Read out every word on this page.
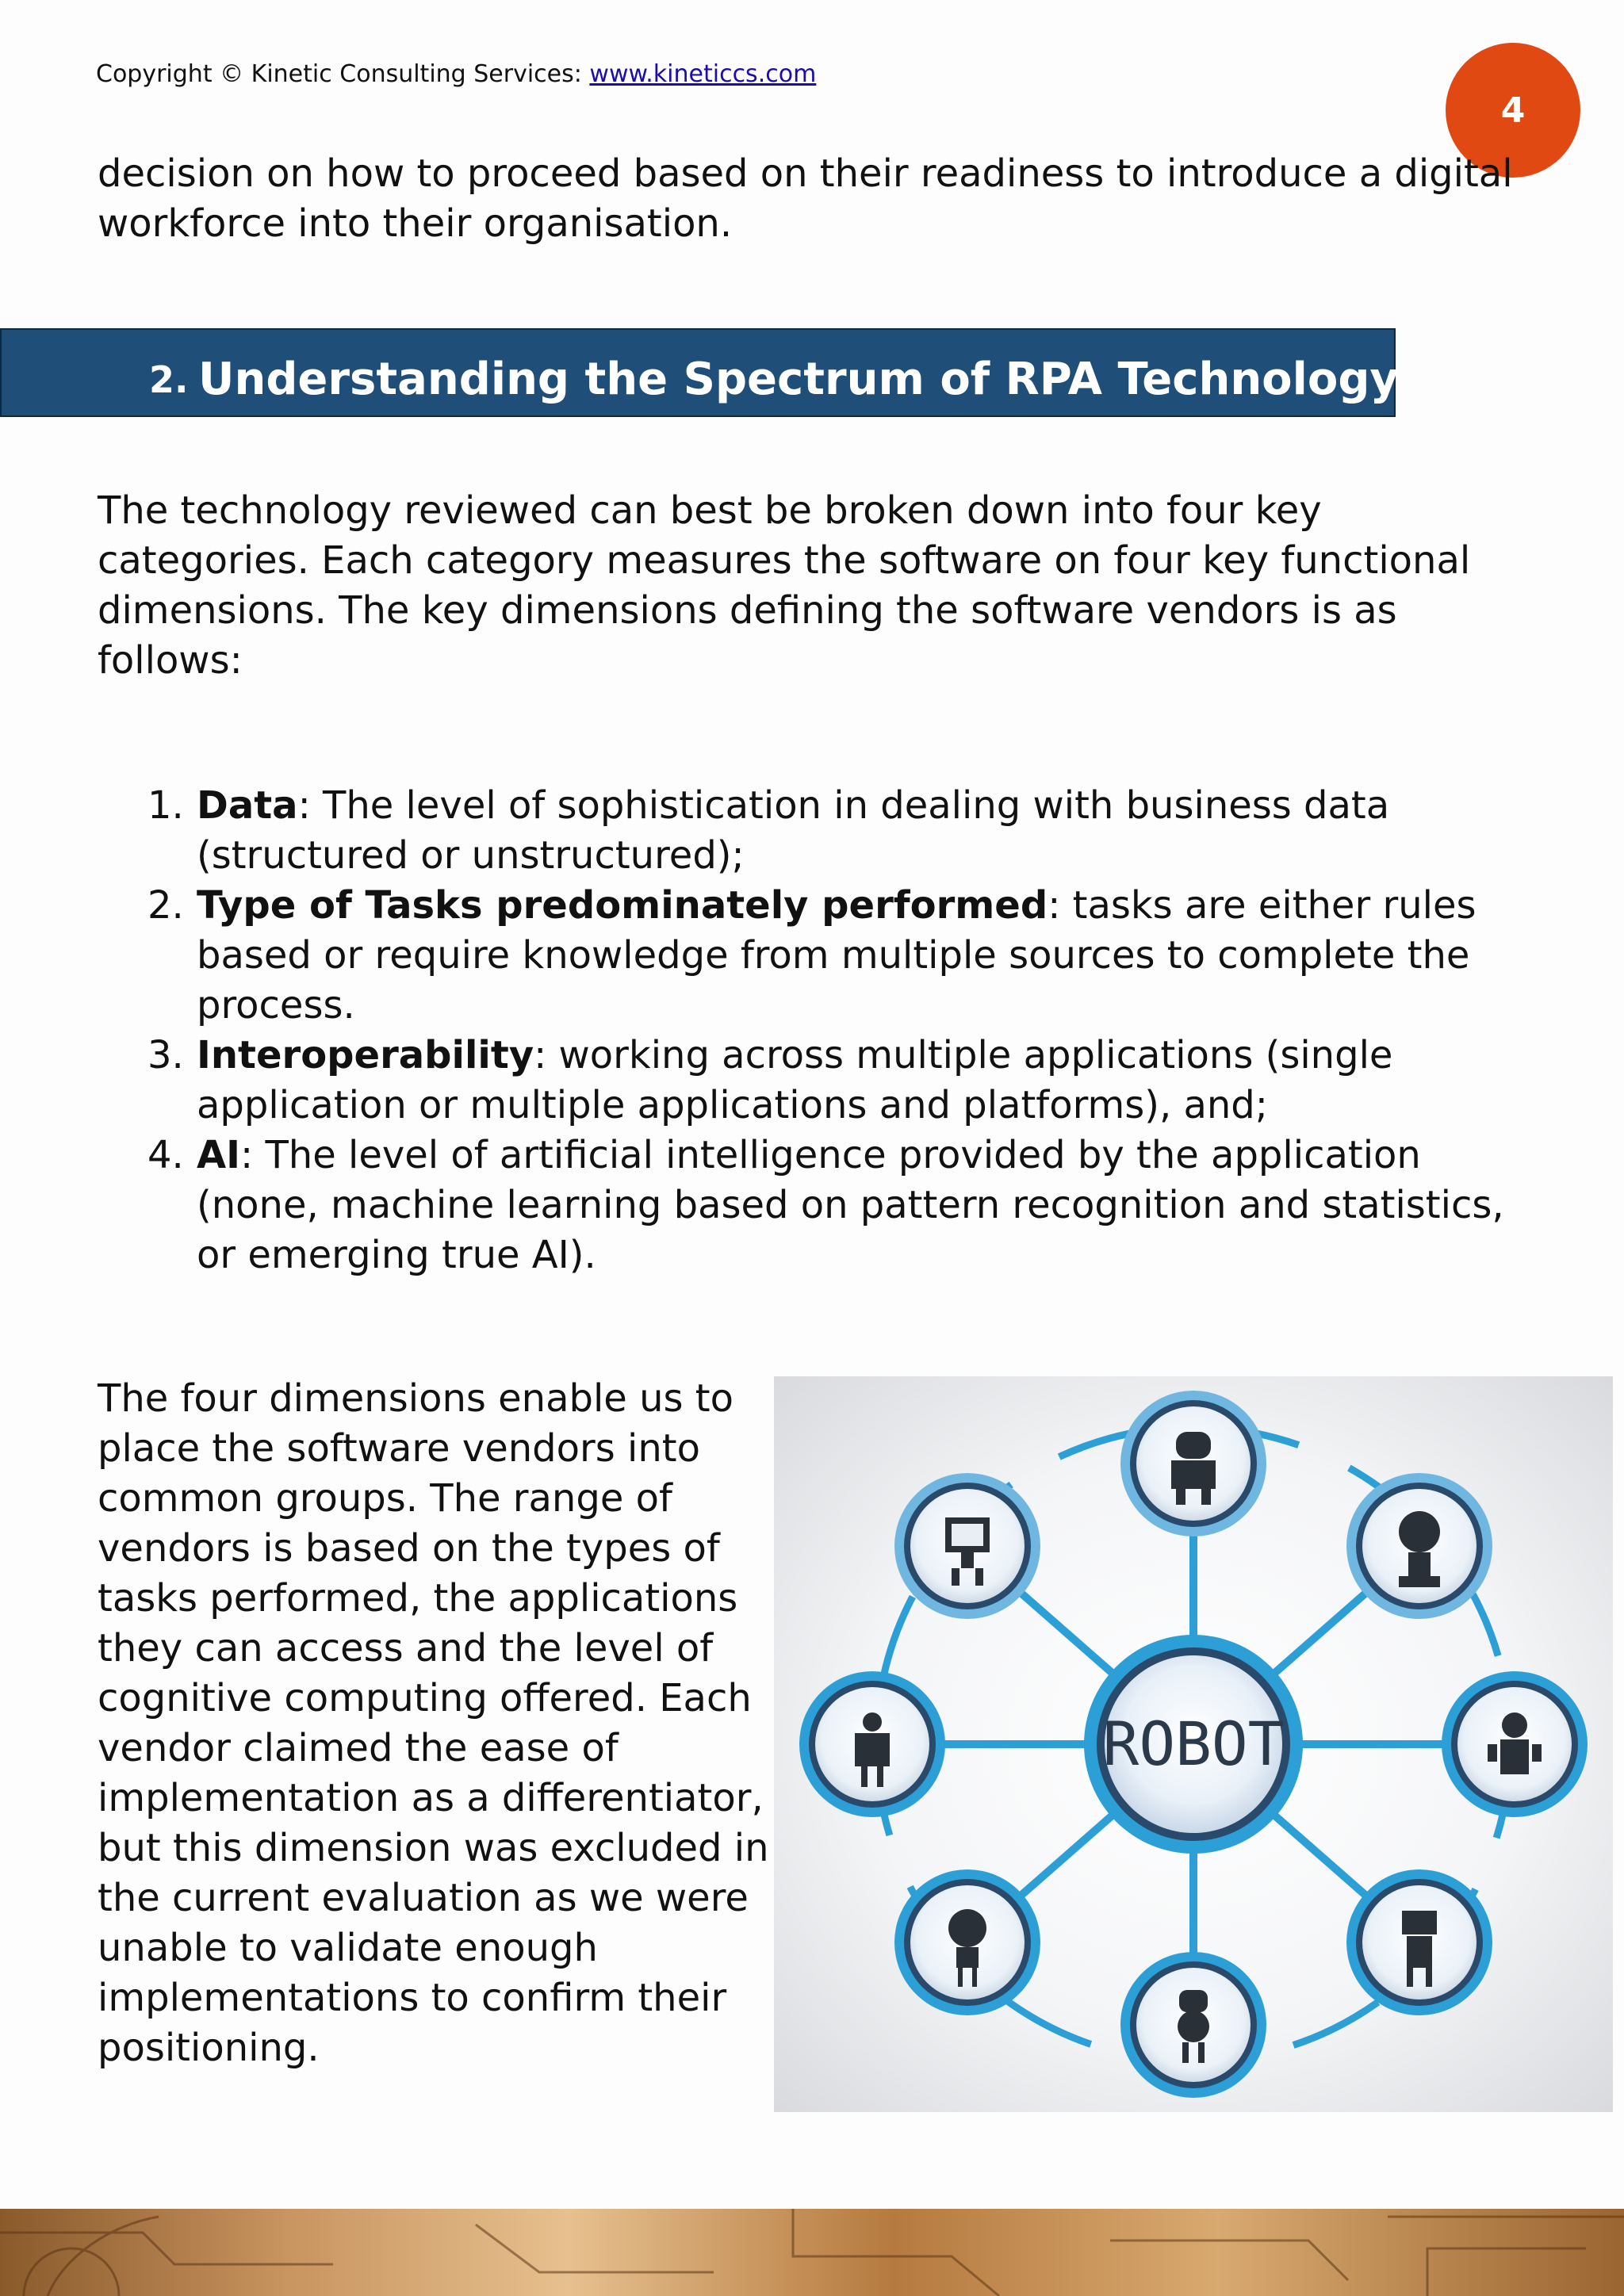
Copyright © Kinetic Consulting Services: www.kineticcs.com
4

decision on how to proceed based on their readiness to introduce a digital workforce into their organisation.

2. Understanding the Spectrum of RPA Technology

The technology reviewed can best be broken down into four key categories. Each category measures the software on four key functional dimensions. The key dimensions defining the software vendors is as follows:

1. Data: The level of sophistication in dealing with business data (structured or unstructured);
2. Type of Tasks predominately performed: tasks are either rules based or require knowledge from multiple sources to complete the process.
3. Interoperability: working across multiple applications (single application or multiple applications and platforms), and;
4. AI: The level of artificial intelligence provided by the application (none, machine learning based on pattern recognition and statistics, or emerging true AI).

The four dimensions enable us to place the software vendors into common groups. The range of vendors is based on the types of tasks performed, the applications they can access and the level of cognitive computing offered. Each vendor claimed the ease of implementation as a differentiator, but this dimension was excluded in the current evaluation as we were unable to validate enough implementations to confirm their positioning.

ROBOT
